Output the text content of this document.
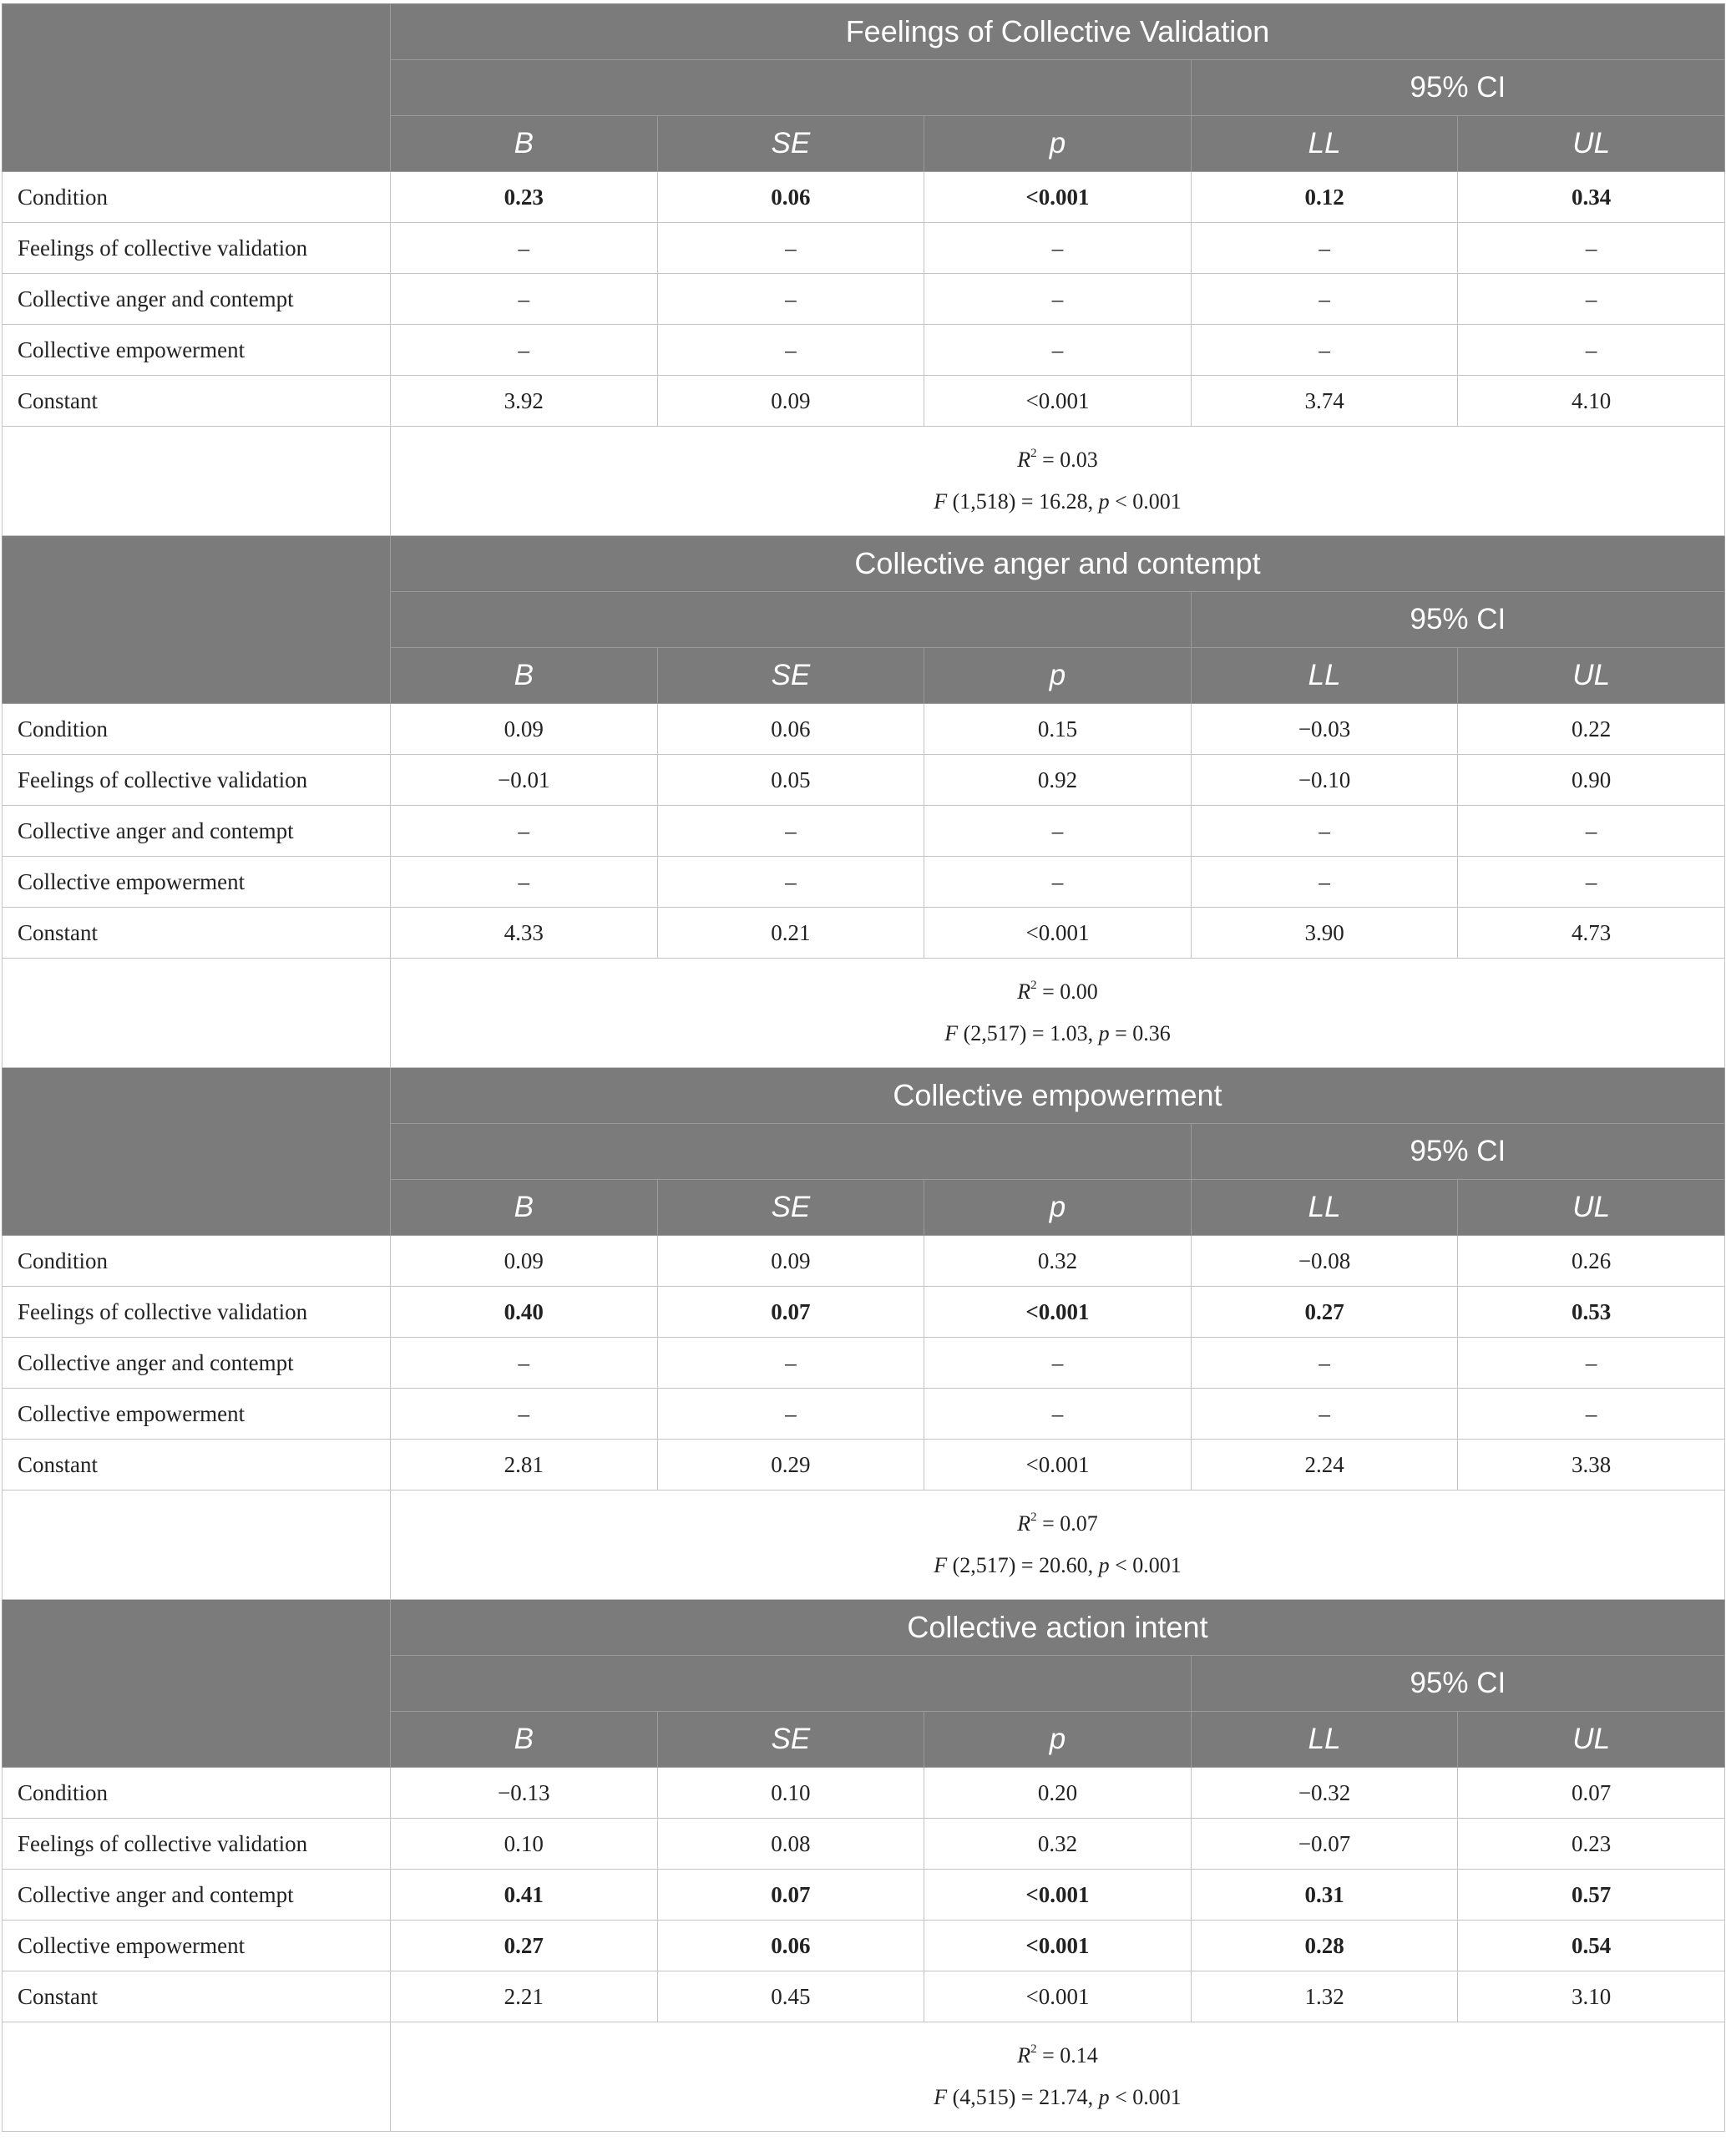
	Feelings of Collective Validation				
				95% CI	
	B	SE	p	LL	UL
Condition	0.23	0.06	<0.001	0.12	0.34
Feelings of collective validation	–	–	–	–	–
Collective anger and contempt	–	–	–	–	–
Collective empowerment	–	–	–	–	–
Constant	3.92	0.09	<0.001	3.74	4.10

	$R^2 = 0.03$
F (1,518) = 16.28, p < 0.001				

	Collective anger and contempt				
				95% CI	
	B	SE	p	LL	UL
Condition	0.09	0.06	0.15	−0.03	0.22
Feelings of collective validation	−0.01	0.05	0.92	−0.10	0.90
Collective anger and contempt	–	–	–	–	–
Collective empowerment	–	–	–	–	–
Constant	4.33	0.21	<0.001	3.90	4.73

	$R^2 = 0.00$
F (2,517) = 1.03, p = 0.36				

	Collective empowerment				
				95% CI	
	B	SE	p	LL	UL
Condition	0.09	0.09	0.32	−0.08	0.26
Feelings of collective validation	0.40	0.07	<0.001	0.27	0.53
Collective anger and contempt	–	–	–	–	–
Collective empowerment	–	–	–	–	–
Constant	2.81	0.29	<0.001	2.24	3.38

	$R^2 = 0.07$
F (2,517) = 20.60, p < 0.001				

	Collective action intent				
				95% CI	
	B	SE	p	LL	UL
Condition	−0.13	0.10	0.20	−0.32	0.07
Feelings of collective validation	0.10	0.08	0.32	−0.07	0.23
Collective anger and contempt	0.41	0.07	<0.001	0.31	0.57
Collective empowerment	0.27	0.06	<0.001	0.28	0.54
Constant	2.21	0.45	<0.001	1.32	3.10

	$R^2 = 0.14$
F (4,515) = 21.74, p < 0.001				
